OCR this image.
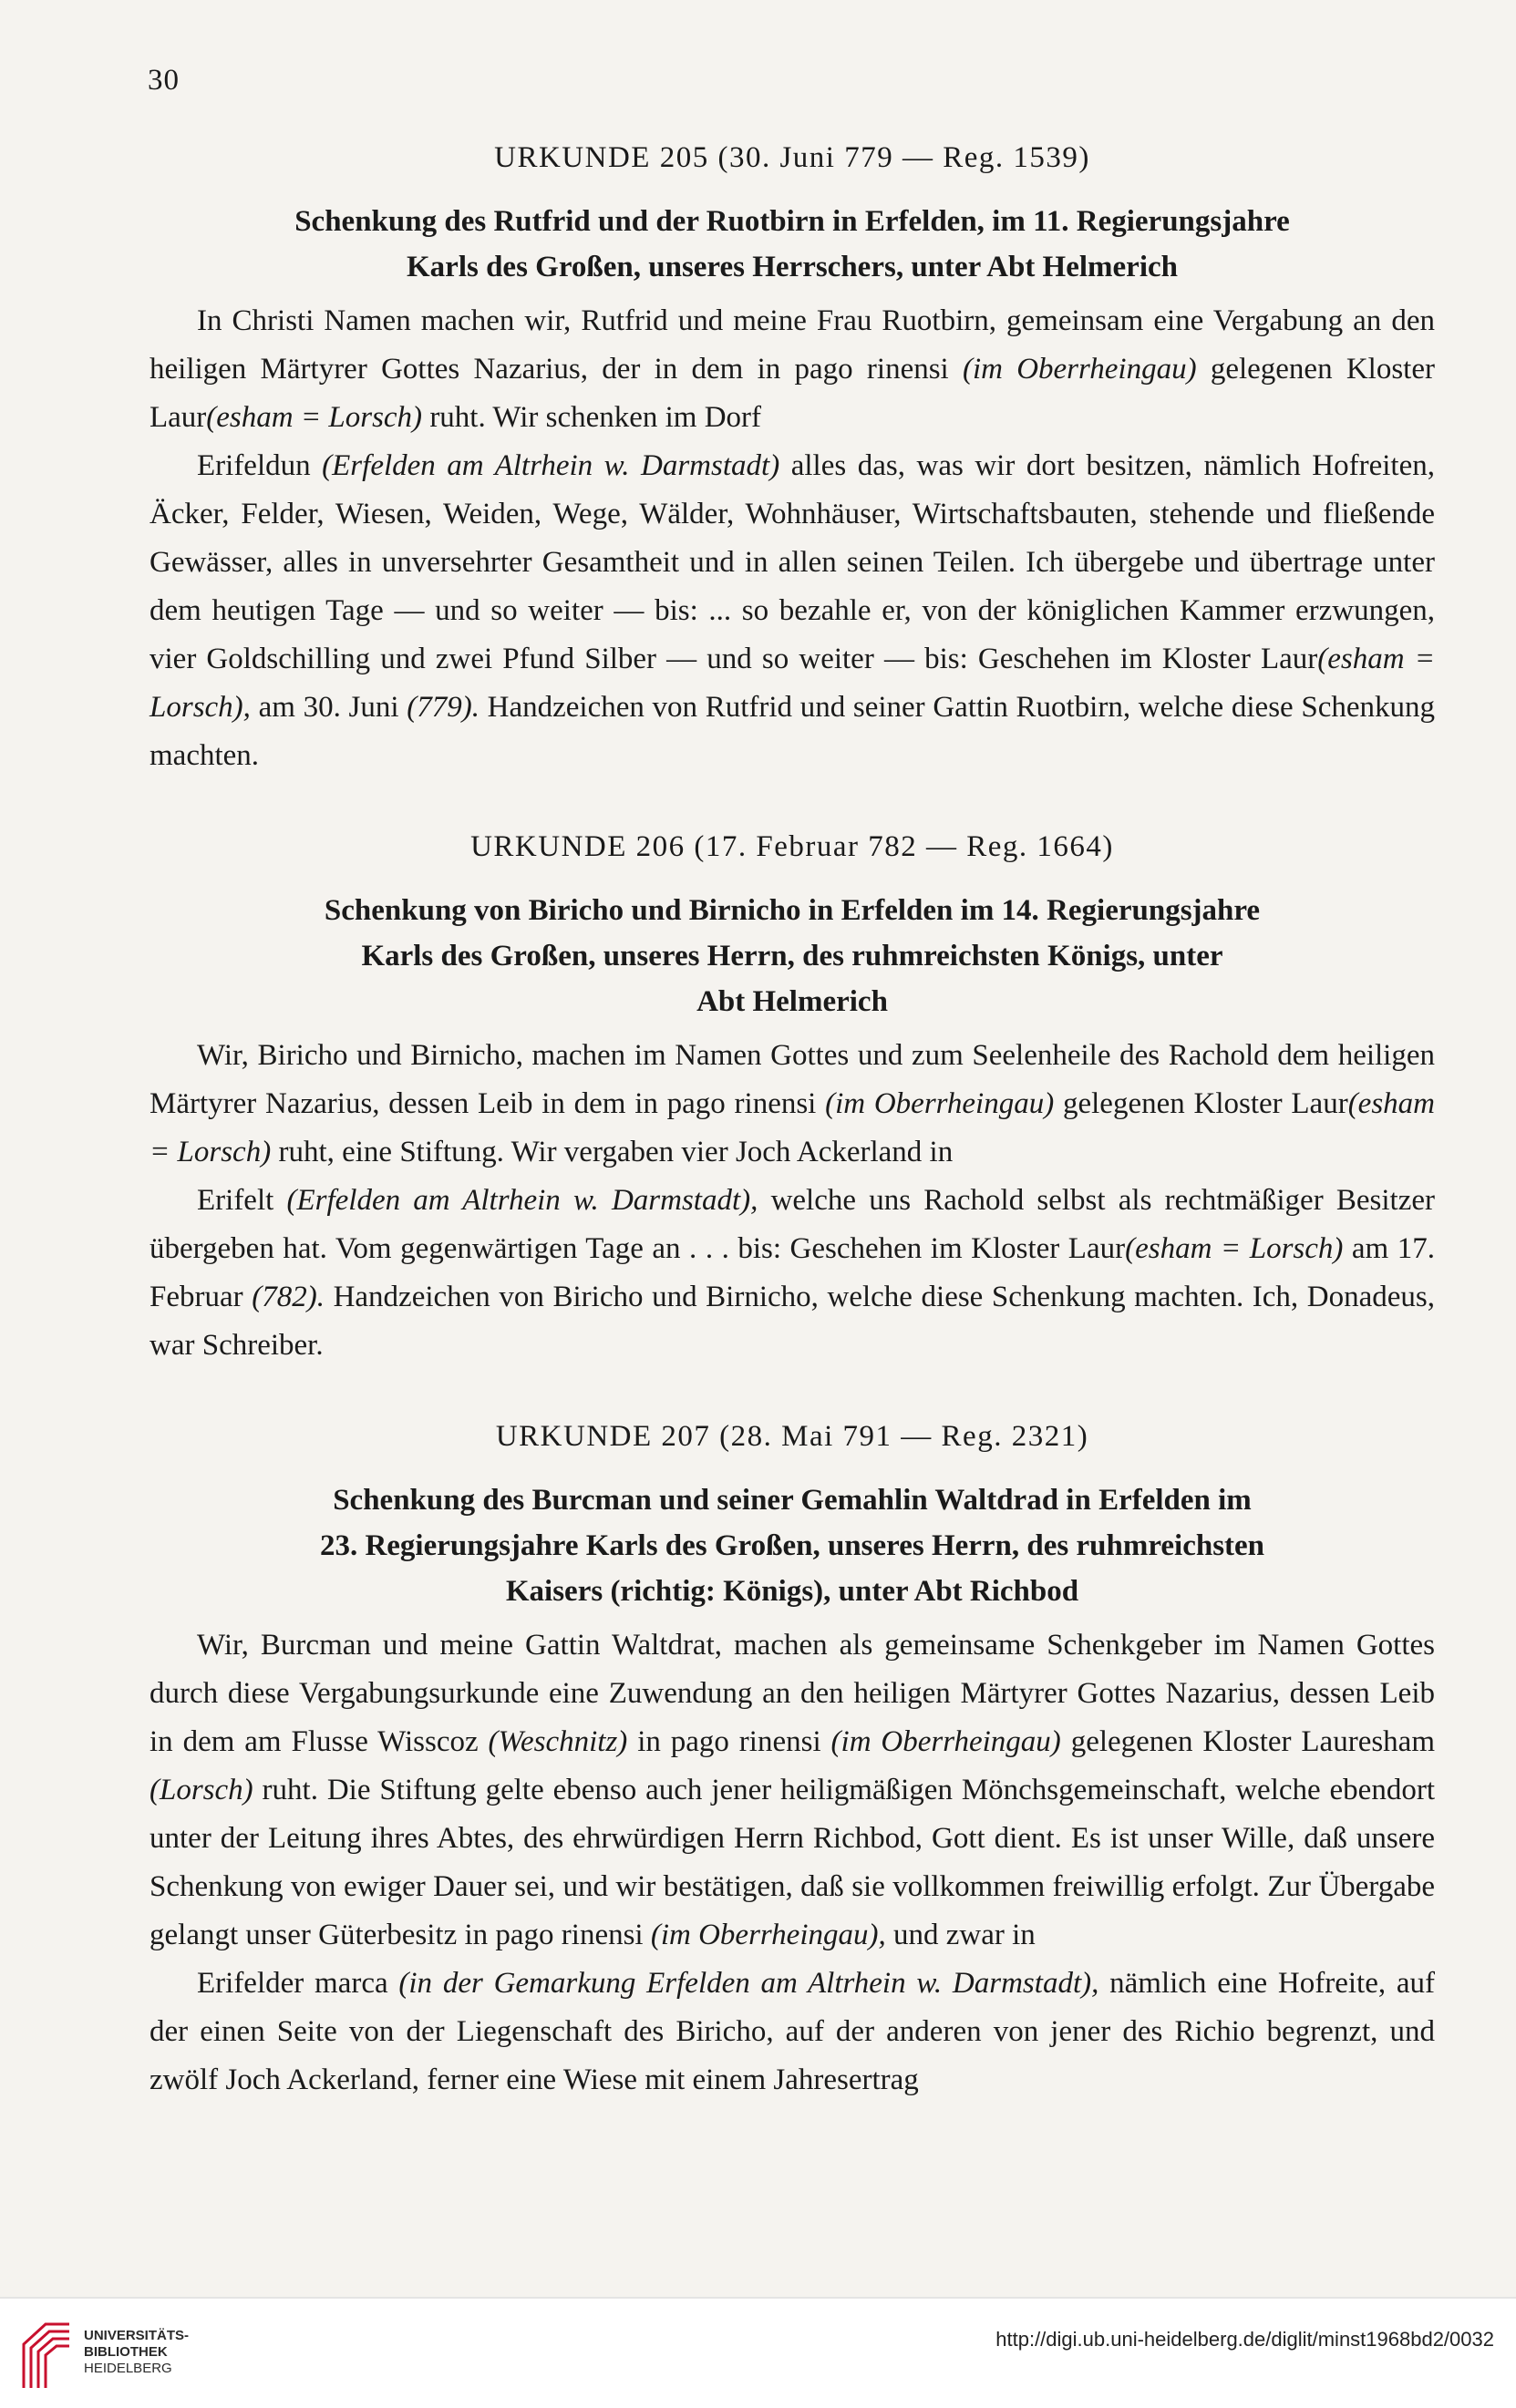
30
URKUNDE 205 (30. Juni 779 — Reg. 1539)
Schenkung des Rutfrid und der Ruotbirn in Erfelden, im 11. Regierungsjahre
Karls des Großen, unseres Herrschers, unter Abt Helmerich

In Christi Namen machen wir, Rutfrid und meine Frau Ruotbirn, gemeinsam eine Vergabung an den heiligen Märtyrer Gottes Nazarius, der in dem in pago rinensi (im Oberrheingau) gelegenen Kloster Laur(esham = Lorsch) ruht. Wir schenken im Dorf

Erifeldun (Erfelden am Altrhein w. Darmstadt) alles das, was wir dort besitzen, nämlich Hofreiten, Äcker, Felder, Wiesen, Weiden, Wege, Wälder, Wohnhäuser, Wirtschaftsbauten, stehende und fließende Gewässer, alles in unversehrter Gesamtheit und in allen seinen Teilen. Ich übergebe und übertrage unter dem heutigen Tage — und so weiter — bis: ... so bezahle er, von der königlichen Kammer erzwungen, vier Goldschilling und zwei Pfund Silber — und so weiter — bis: Geschehen im Kloster Laur(esham = Lorsch), am 30. Juni (779). Handzeichen von Rutfrid und seiner Gattin Ruotbirn, welche diese Schenkung machten.

URKUNDE 206 (17. Februar 782 — Reg. 1664)
Schenkung von Biricho und Birnicho in Erfelden im 14. Regierungsjahre
Karls des Großen, unseres Herrn, des ruhmreichsten Königs, unter
Abt Helmerich

Wir, Biricho und Birnicho, machen im Namen Gottes und zum Seelenheile des Rachold dem heiligen Märtyrer Nazarius, dessen Leib in dem in pago rinensi (im Oberrheingau) gelegenen Kloster Laur(esham = Lorsch) ruht, eine Stiftung. Wir vergaben vier Joch Ackerland in

Erifelt (Erfelden am Altrhein w. Darmstadt), welche uns Rachold selbst als rechtmäßiger Besitzer übergeben hat. Vom gegenwärtigen Tage an . . . bis: Geschehen im Kloster Laur(esham = Lorsch) am 17. Februar (782). Handzeichen von Biricho und Birnicho, welche diese Schenkung machten. Ich, Donadeus, war Schreiber.

URKUNDE 207 (28. Mai 791 — Reg. 2321)
Schenkung des Burcman und seiner Gemahlin Waltdrad in Erfelden im
23. Regierungsjahre Karls des Großen, unseres Herrn, des ruhmreichsten
Kaisers (richtig: Königs), unter Abt Richbod

Wir, Burcman und meine Gattin Waltdrat, machen als gemeinsame Schenkgeber im Namen Gottes durch diese Vergabungsurkunde eine Zuwendung an den heiligen Märtyrer Gottes Nazarius, dessen Leib in dem am Flusse Wisscoz (Weschnitz) in pago rinensi (im Oberrheingau) gelegenen Kloster Lauresham (Lorsch) ruht. Die Stiftung gelte ebenso auch jener heiligmäßigen Mönchsgemeinschaft, welche ebendort unter der Leitung ihres Abtes, des ehrwürdigen Herrn Richbod, Gott dient. Es ist unser Wille, daß unsere Schenkung von ewiger Dauer sei, und wir bestätigen, daß sie vollkommen freiwillig erfolgt. Zur Übergabe gelangt unser Güterbesitz in pago rinensi (im Oberrheingau), und zwar in

Erifelder marca (in der Gemarkung Erfelden am Altrhein w. Darmstadt), nämlich eine Hofreite, auf der einen Seite von der Liegenschaft des Biricho, auf der anderen von jener des Richio begrenzt, und zwölf Joch Ackerland, ferner eine Wiese mit einem Jahresertrag

UNIVERSITÄTS-
BIBLIOTHEK
HEIDELBERG
http://digi.ub.uni-heidelberg.de/diglit/minst1968bd2/0032
